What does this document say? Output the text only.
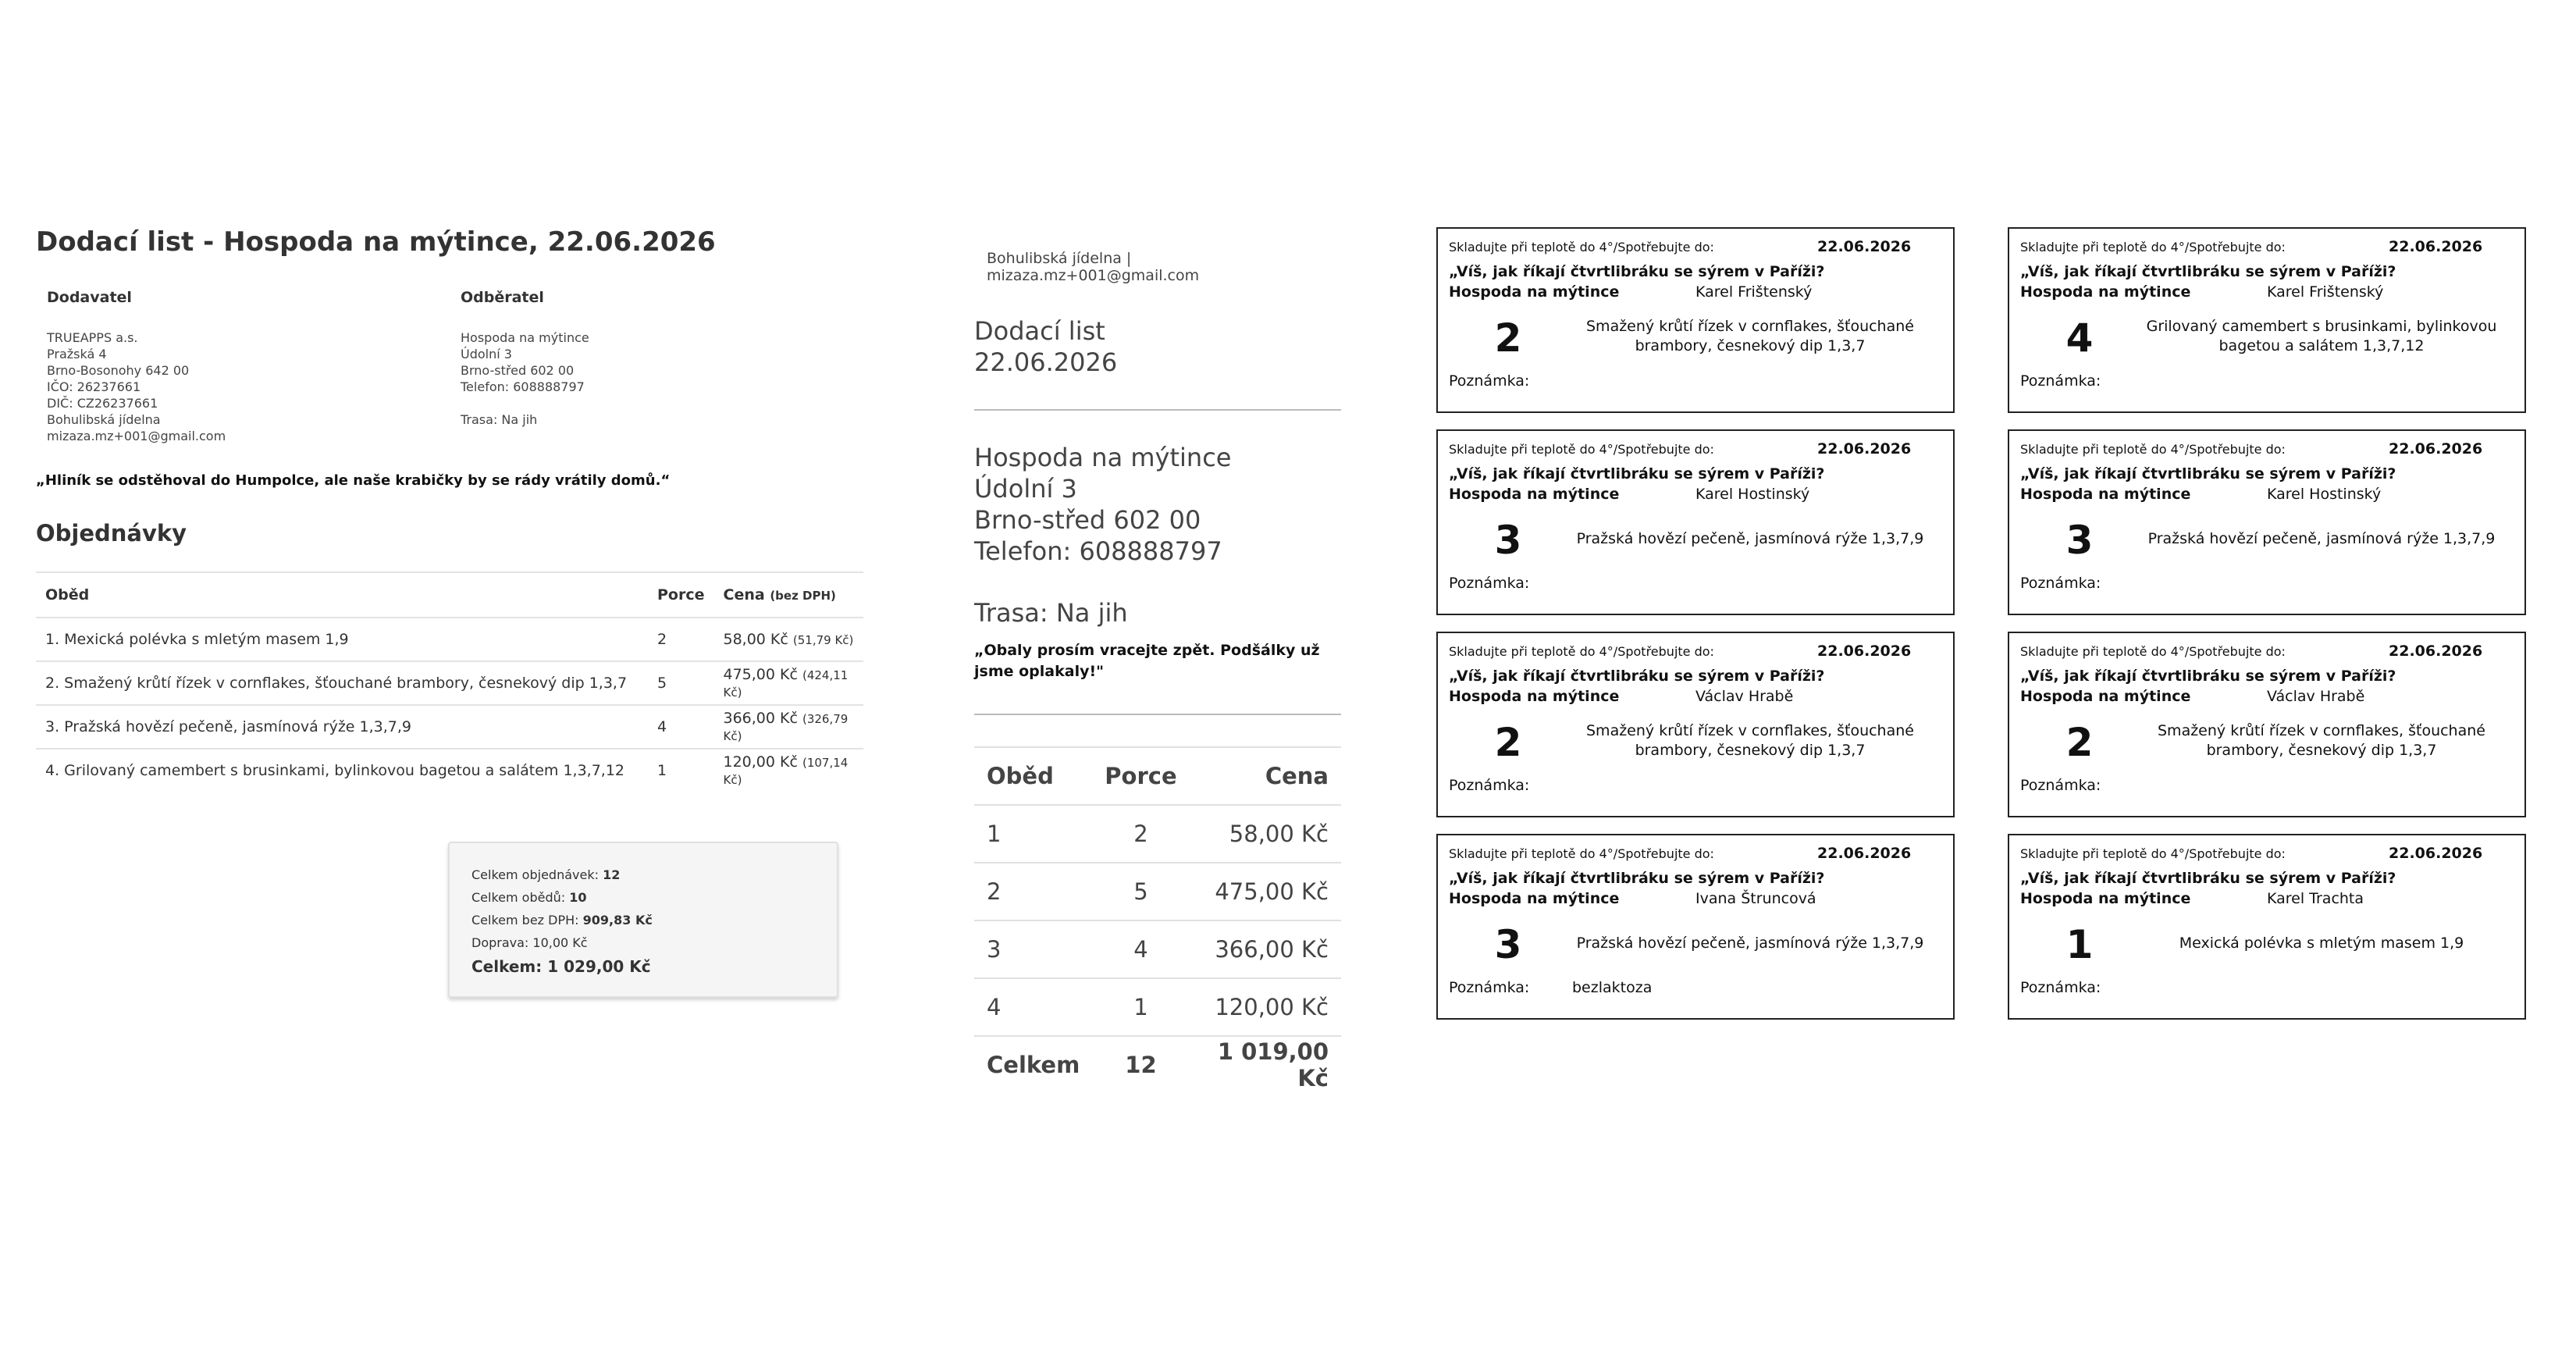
Dodací list - Hospoda na mýtince, 22.06.2026
Dodavatel
TRUEAPPS a.s.
Pražská 4
Brno-Bosonohy 642 00
IČO: 26237661
DIČ: CZ26237661
Bohulibská jídelna
mizaza.mz+001@gmail.com
Odběratel
Hospoda na mýtince
Údolní 3
Brno-střed 602 00
Telefon: 608888797
Trasa: Na jih
„Hliník se odstěhoval do Humpolce, ale naše krabičky by se rády vrátily domů.“
Objednávky
Oběd	Porce	Cena (bez DPH)
1. Mexická polévka s mletým masem 1,9	2	58,00 Kč (51,79 Kč)
2. Smažený krůtí řízek v cornflakes, šťouchané brambory, česnekový dip 1,3,7	5	475,00 Kč (424,11 Kč)
3. Pražská hovězí pečeně, jasmínová rýže 1,3,7,9	4	366,00 Kč (326,79 Kč)
4. Grilovaný camembert s brusinkami, bylinkovou bagetou a salátem 1,3,7,12	1	120,00 Kč (107,14 Kč)
Celkem objednávek: 12
Celkem obědů: 10
Celkem bez DPH: 909,83 Kč
Doprava: 10,00 Kč
Celkem: 1 029,00 Kč
Bohulibská jídelna | mizaza.mz+001@gmail.com
Dodací list
22.06.2026
Hospoda na mýtince
Údolní 3
Brno-střed 602 00
Telefon: 608888797
Trasa: Na jih
„Obaly prosím vracejte zpět. Podšálky už jsme oplakaly!"
Oběd	Porce	Cena
1	2	58,00 Kč
2	5	475,00 Kč
3	4	366,00 Kč
4	1	120,00 Kč
Celkem	12	1 019,00 Kč
Skladujte při teplotě do 4°/Spotřebujte do:	22.06.2026
„Víš, jak říkají čtvrtlibráku se sýrem v Paříži?
Hospoda na mýtince	Karel Frištenský
2	Smažený krůtí řízek v cornflakes, šťouchané brambory, česnekový dip 1,3,7
Poznámka:
Skladujte při teplotě do 4°/Spotřebujte do:	22.06.2026
„Víš, jak říkají čtvrtlibráku se sýrem v Paříži?
Hospoda na mýtince	Karel Frištenský
4	Grilovaný camembert s brusinkami, bylinkovou bagetou a salátem 1,3,7,12
Poznámka:
Skladujte při teplotě do 4°/Spotřebujte do:	22.06.2026
„Víš, jak říkají čtvrtlibráku se sýrem v Paříži?
Hospoda na mýtince	Karel Hostinský
3	Pražská hovězí pečeně, jasmínová rýže 1,3,7,9
Poznámka:
Skladujte při teplotě do 4°/Spotřebujte do:	22.06.2026
„Víš, jak říkají čtvrtlibráku se sýrem v Paříži?
Hospoda na mýtince	Karel Hostinský
3	Pražská hovězí pečeně, jasmínová rýže 1,3,7,9
Poznámka:
Skladujte při teplotě do 4°/Spotřebujte do:	22.06.2026
„Víš, jak říkají čtvrtlibráku se sýrem v Paříži?
Hospoda na mýtince	Václav Hrabě
2	Smažený krůtí řízek v cornflakes, šťouchané brambory, česnekový dip 1,3,7
Poznámka:
Skladujte při teplotě do 4°/Spotřebujte do:	22.06.2026
„Víš, jak říkají čtvrtlibráku se sýrem v Paříži?
Hospoda na mýtince	Václav Hrabě
2	Smažený krůtí řízek v cornflakes, šťouchané brambory, česnekový dip 1,3,7
Poznámka:
Skladujte při teplotě do 4°/Spotřebujte do:	22.06.2026
„Víš, jak říkají čtvrtlibráku se sýrem v Paříži?
Hospoda na mýtince	Ivana Štruncová
3	Pražská hovězí pečeně, jasmínová rýže 1,3,7,9
Poznámka:	bezlaktoza
Skladujte při teplotě do 4°/Spotřebujte do:	22.06.2026
„Víš, jak říkají čtvrtlibráku se sýrem v Paříži?
Hospoda na mýtince	Karel Trachta
1	Mexická polévka s mletým masem 1,9
Poznámka:
